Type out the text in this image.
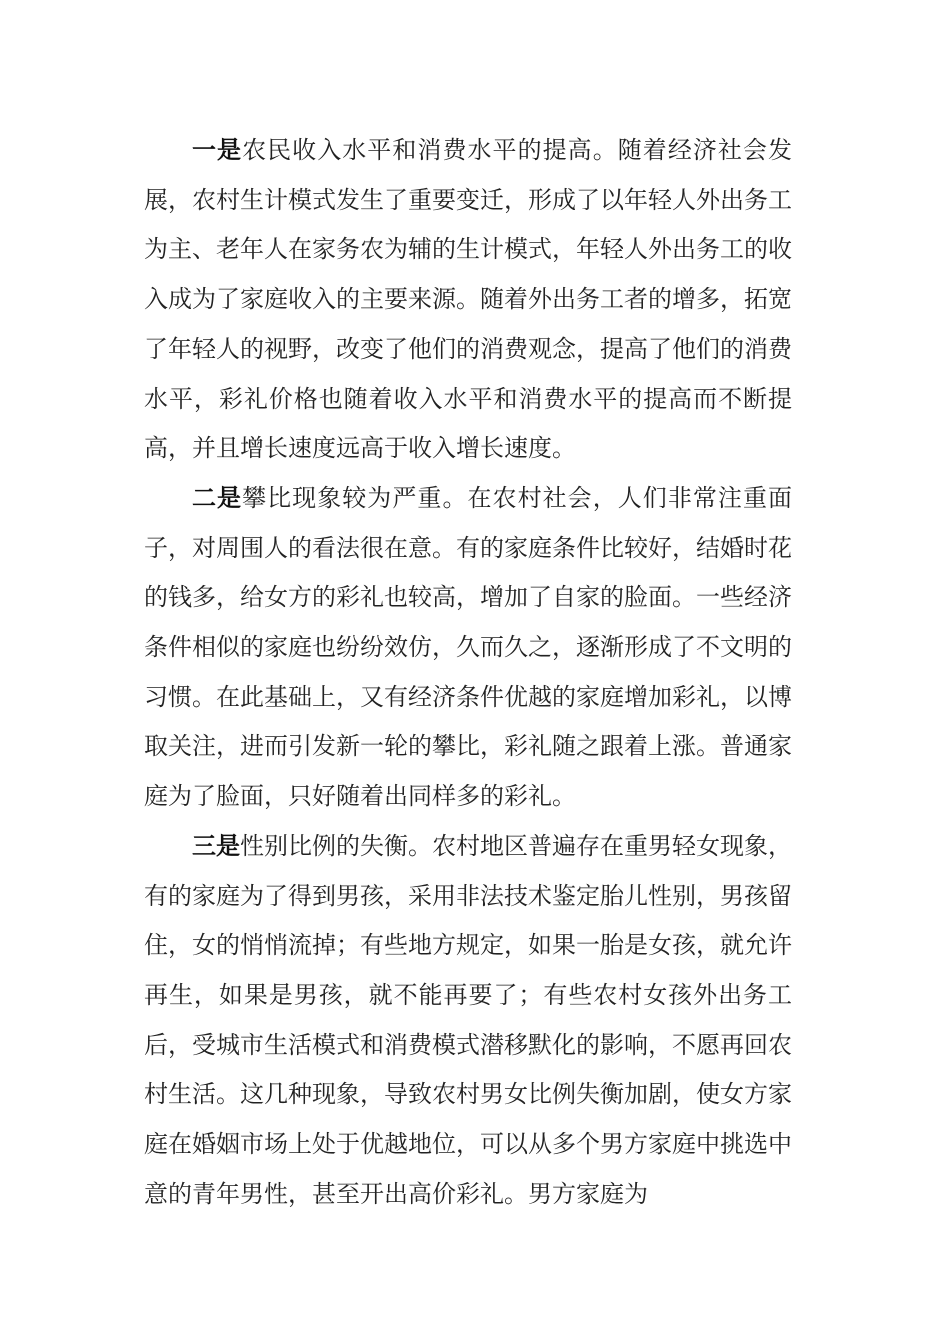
一是农民收入水平和消费水平的提高。随着经济社会发展，农村生计模式发生了重要变迁，形成了以年轻人外出务工为主、老年人在家务农为辅的生计模式，年轻人外出务工的收入成为了家庭收入的主要来源。随着外出务工者的增多，拓宽了年轻人的视野，改变了他们的消费观念，提高了他们的消费水平，彩礼价格也随着收入水平和消费水平的提高而不断提高，并且增长速度远高于收入增长速度。

二是攀比现象较为严重。在农村社会，人们非常注重面子，对周围人的看法很在意。有的家庭条件比较好，结婚时花的钱多，给女方的彩礼也较高，增加了自家的脸面。一些经济条件相似的家庭也纷纷效仿，久而久之，逐渐形成了不文明的习惯。在此基础上，又有经济条件优越的家庭增加彩礼，以博取关注，进而引发新一轮的攀比，彩礼随之跟着上涨。普通家庭为了脸面，只好随着出同样多的彩礼。

三是性别比例的失衡。农村地区普遍存在重男轻女现象，有的家庭为了得到男孩，采用非法技术鉴定胎儿性别，男孩留住，女的悄悄流掉；有些地方规定，如果一胎是女孩，就允许再生，如果是男孩，就不能再要了；有些农村女孩外出务工后，受城市生活模式和消费模式潜移默化的影响，不愿再回农村生活。这几种现象，导致农村男女比例失衡加剧，使女方家庭在婚姻市场上处于优越地位，可以从多个男方家庭中挑选中意的青年男性，甚至开出高价彩礼。男方家庭为
